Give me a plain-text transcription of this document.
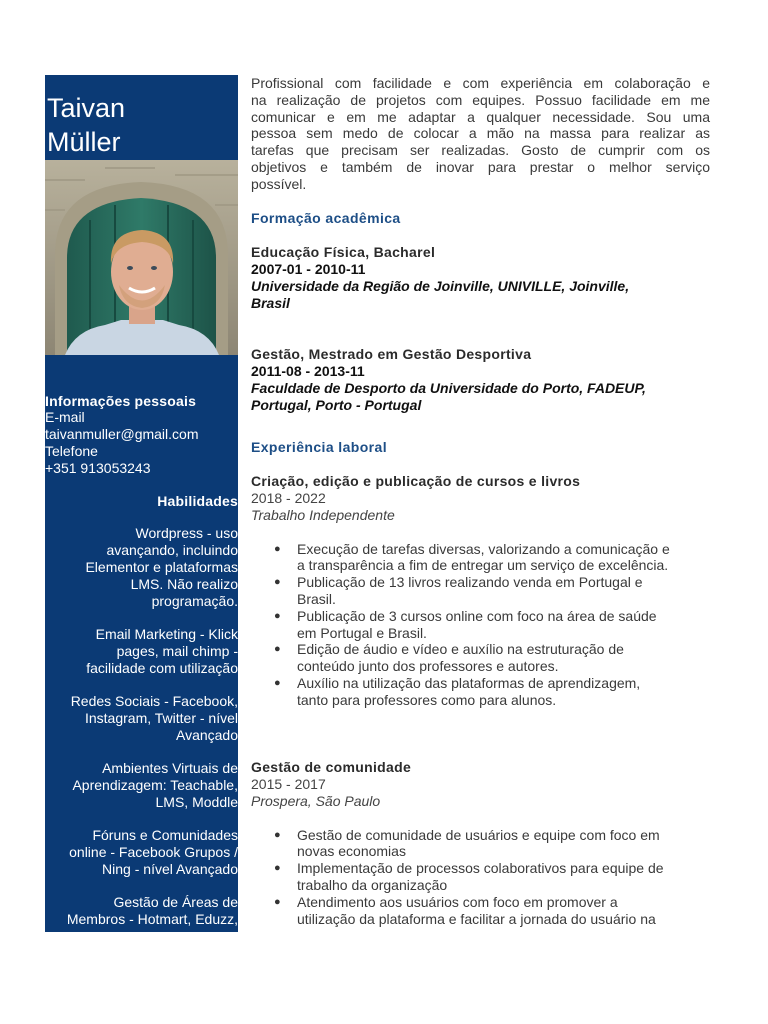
Taivan
Müller
Informações pessoais
E-mail
taivanmuller@gmail.com
Telefone
+351 913053243
Habilidades
Wordpress - uso
avançando, incluindo
Elementor e plataformas
LMS. Não realizo
programação.
Email Marketing - Klick
pages, mail chimp -
facilidade com utilização
Redes Sociais - Facebook,
Instagram, Twitter - nível
Avançado
Ambientes Virtuais de
Aprendizagem: Teachable,
LMS, Moddle
Fóruns e Comunidades
online - Facebook Grupos /
Ning - nível Avançado
Gestão de Áreas de
Membros - Hotmart, Eduzz,

Profissional com facilidade e com experiência em colaboração e
na realização de projetos com equipes. Possuo facilidade em me
comunicar e em me adaptar a qualquer necessidade. Sou uma
pessoa sem medo de colocar a mão na massa para realizar as
tarefas que precisam ser realizadas. Gosto de cumprir com os
objetivos e também de inovar para prestar o melhor serviço
possível.

Formação acadêmica
Educação Física, Bacharel
2007-01 - 2010-11
Universidade da Região de Joinville, UNIVILLE, Joinville,
Brasil
Gestão, Mestrado em Gestão Desportiva
2011-08 - 2013-11
Faculdade de Desporto da Universidade do Porto, FADEUP,
Portugal, Porto - Portugal
Experiência laboral
Criação, edição e publicação de cursos e livros
2018 - 2022
Trabalho Independente
● Execução de tarefas diversas, valorizando a comunicação e
a transparência a fim de entregar um serviço de excelência.
● Publicação de 13 livros realizando venda em Portugal e
Brasil.
● Publicação de 3 cursos online com foco na área de saúde
em Portugal e Brasil.
● Edição de áudio e vídeo e auxílio na estruturação de
conteúdo junto dos professores e autores.
● Auxílio na utilização das plataformas de aprendizagem,
tanto para professores como para alunos.
Gestão de comunidade
2015 - 2017
Prospera, São Paulo
● Gestão de comunidade de usuários e equipe com foco em
novas economias
● Implementação de processos colaborativos para equipe de
trabalho da organização
● Atendimento aos usuários com foco em promover a
utilização da plataforma e facilitar a jornada do usuário na
